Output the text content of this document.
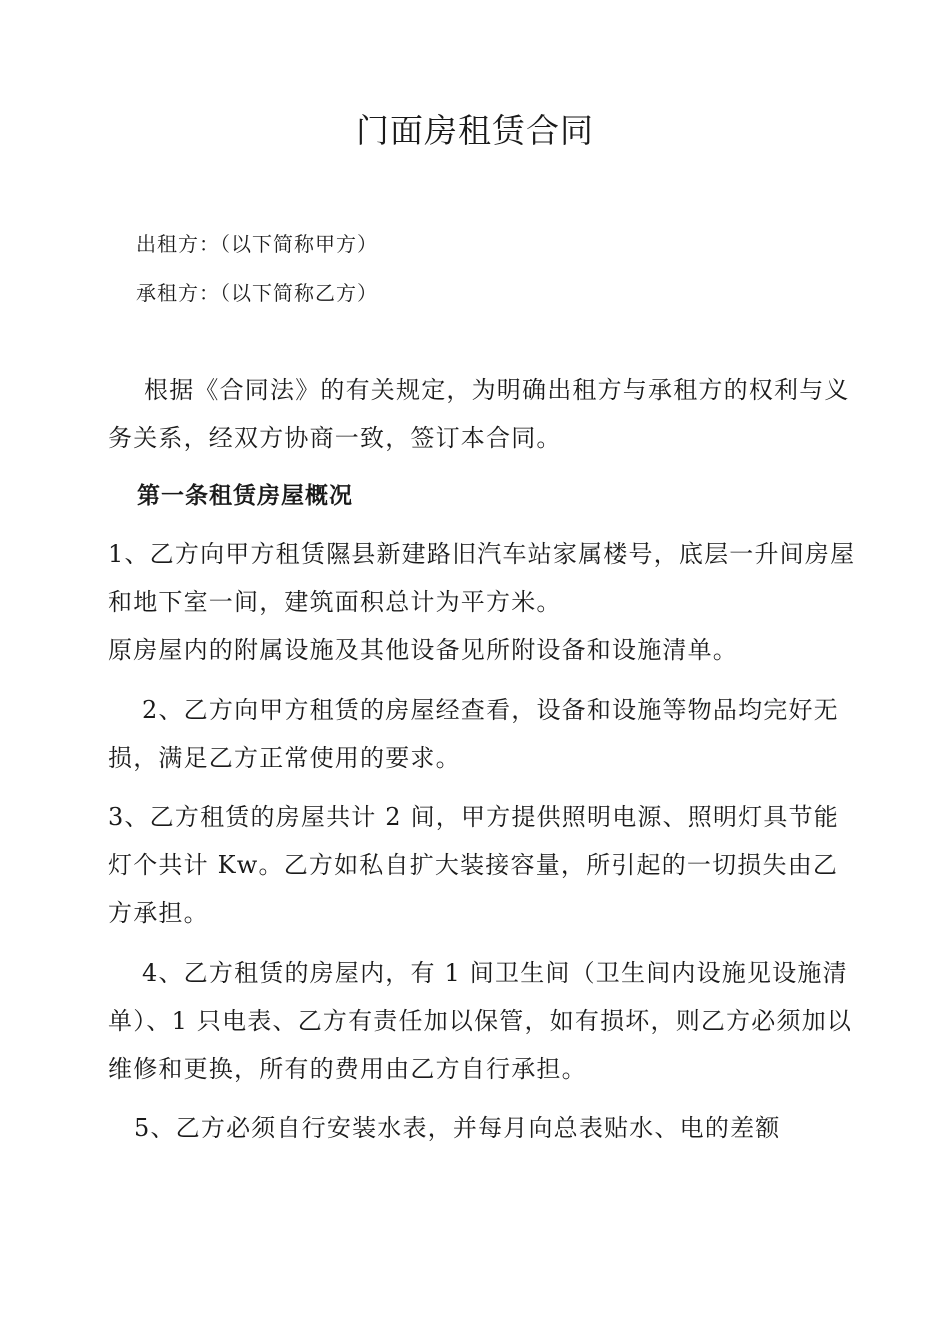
门面房租赁合同
出租方：（以下简称甲方）
承租方：（以下简称乙方）

根据《合同法》的有关规定，为明确出租方与承租方的权利与义务关系，经双方协商一致，签订本合同。

第一条租赁房屋概况

1、乙方向甲方租赁隰县新建路旧汽车站家属楼号，底层一升间房屋和地下室一间，建筑面积总计为平方米。

原房屋内的附属设施及其他设备见所附设备和设施清单。

2、乙方向甲方租赁的房屋经查看，设备和设施等物品均完好无损，满足乙方正常使用的要求。

3、乙方租赁的房屋共计 2 间，甲方提供照明电源、照明灯具节能灯个共计 Kw。乙方如私自扩大装接容量，所引起的一切损失由乙方承担。

4、乙方租赁的房屋内，有 1 间卫生间（卫生间内设施见设施清单）、1 只电表、乙方有责任加以保管，如有损坏，则乙方必须加以维修和更换，所有的费用由乙方自行承担。

5、乙方必须自行安装水表，并每月向总表贴水、电的差额
